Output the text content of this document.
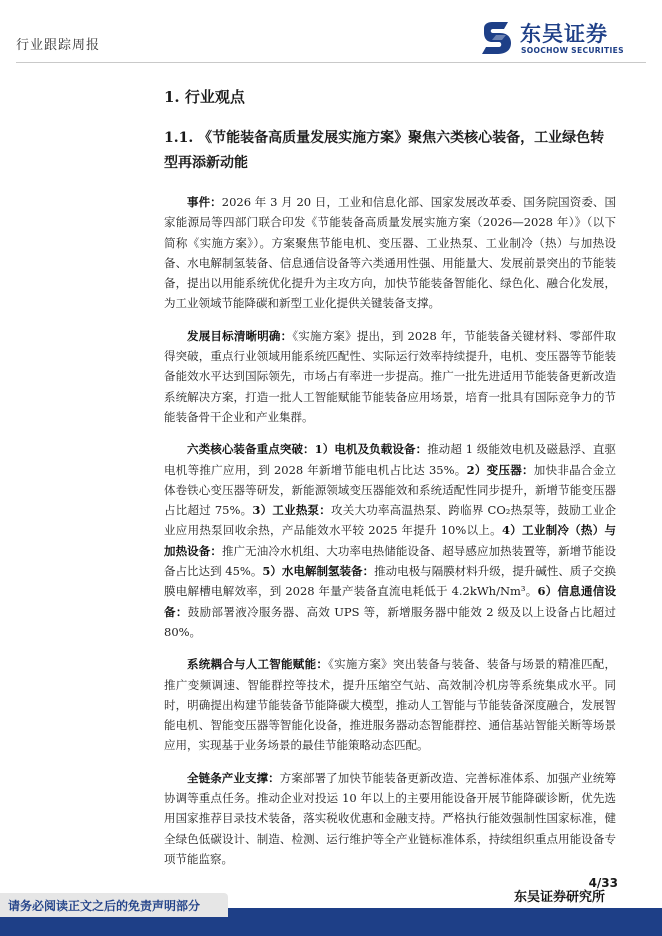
行业跟踪周报	东吴证券
SOOCHOW SECURITIES
1. 行业观点
1.1. 《节能装备高质量发展实施方案》聚焦六类核心装备，工业绿色转型再添新动能

事件：2026 年 3 月 20 日，工业和信息化部、国家发展改革委、国务院国资委、国家能源局等四部门联合印发《节能装备高质量发展实施方案（2026—2028 年）》（以下简称《实施方案》）。方案聚焦节能电机、变压器、工业热泵、工业制冷（热）与加热设备、水电解制氢装备、信息通信设备等六类通用性强、用能量大、发展前景突出的节能装备，提出以用能系统优化提升为主攻方向，加快节能装备智能化、绿色化、融合化发展，为工业领域节能降碳和新型工业化提供关键装备支撑。

发展目标清晰明确：《实施方案》提出，到 2028 年，节能装备关键材料、零部件取得突破，重点行业领域用能系统匹配性、实际运行效率持续提升，电机、变压器等节能装备能效水平达到国际领先，市场占有率进一步提高。推广一批先进适用节能装备更新改造系统解决方案，打造一批人工智能赋能节能装备应用场景，培育一批具有国际竞争力的节能装备骨干企业和产业集群。

六类核心装备重点突破：1）电机及负载设备：推动超 1 级能效电机及磁悬浮、直驱电机等推广应用，到 2028 年新增节能电机占比达 35%。2）变压器：加快非晶合金立体卷铁心变压器等研发，新能源领域变压器能效和系统适配性同步提升，新增节能变压器占比超过 75%。3）工业热泵：攻关大功率高温热泵、跨临界 CO₂热泵等，鼓励工业企业应用热泵回收余热，产品能效水平较 2025 年提升 10%以上。4）工业制冷（热）与加热设备：推广无油冷水机组、大功率电热储能设备、超导感应加热装置等，新增节能设备占比达到 45%。5）水电解制氢装备：推动电极与隔膜材料升级，提升碱性、质子交换膜电解槽电解效率，到 2028 年量产装备直流电耗低于 4.2kWh/Nm³。6）信息通信设备：鼓励部署液冷服务器、高效 UPS 等，新增服务器中能效 2 级及以上设备占比超过 80%。

系统耦合与人工智能赋能：《实施方案》突出装备与装备、装备与场景的精准匹配，推广变频调速、智能群控等技术，提升压缩空气站、高效制冷机房等系统集成水平。同时，明确提出构建节能装备节能降碳大模型，推动人工智能与节能装备深度融合，发展智能电机、智能变压器等智能化设备，推进服务器动态智能群控、通信基站智能关断等场景应用，实现基于业务场景的最佳节能策略动态匹配。

全链条产业支撑：方案部署了加快节能装备更新改造、完善标准体系、加强产业统筹协调等重点任务。推动企业对投运 10 年以上的主要用能设备开展节能降碳诊断，优先选用国家推荐目录技术装备，落实税收优惠和金融支持。严格执行能效强制性国家标准，健全绿色低碳设计、制造、检测、运行维护等全产业链标准体系，持续组织重点用能设备专项节能监察。

4/33
东吴证券研究所
请务必阅读正文之后的免责声明部分
